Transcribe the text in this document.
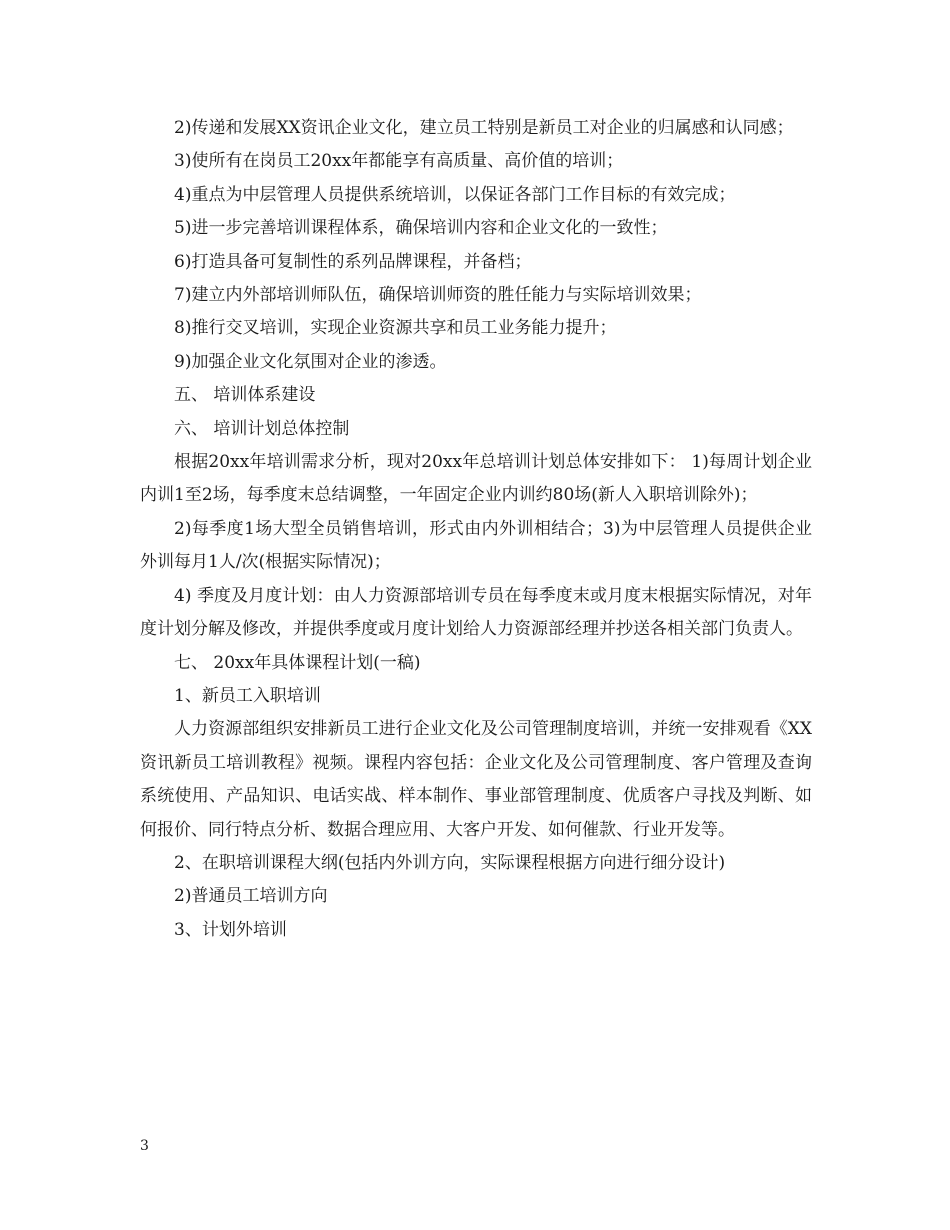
2)传递和发展XX资讯企业文化，建立员工特别是新员工对企业的归属感和认同感；

3)使所有在岗员工20xx年都能享有高质量、高价值的培训；

4)重点为中层管理人员提供系统培训，以保证各部门工作目标的有效完成；

5)进一步完善培训课程体系，确保培训内容和企业文化的一致性；

6)打造具备可复制性的系列品牌课程，并备档；

7)建立内外部培训师队伍，确保培训师资的胜任能力与实际培训效果；

8)推行交叉培训，实现企业资源共享和员工业务能力提升；

9)加强企业文化氛围对企业的渗透。

五、 培训体系建设

六、 培训计划总体控制

根据20xx年培训需求分析，现对20xx年总培训计划总体安排如下： 1)每周计划企业内训1至2场，每季度末总结调整，一年固定企业内训约80场(新人入职培训除外)；

2)每季度1场大型全员销售培训，形式由内外训相结合；3)为中层管理人员提供企业外训每月1人/次(根据实际情况)；

4) 季度及月度计划：由人力资源部培训专员在每季度末或月度末根据实际情况，对年度计划分解及修改，并提供季度或月度计划给人力资源部经理并抄送各相关部门负责人。

七、 20xx年具体课程计划(一稿)

1、新员工入职培训

人力资源部组织安排新员工进行企业文化及公司管理制度培训，并统一安排观看《XX资讯新员工培训教程》视频。课程内容包括：企业文化及公司管理制度、客户管理及查询系统使用、产品知识、电话实战、样本制作、事业部管理制度、优质客户寻找及判断、如何报价、同行特点分析、数据合理应用、大客户开发、如何催款、行业开发等。

2、在职培训课程大纲(包括内外训方向，实际课程根据方向进行细分设计)

2)普通员工培训方向

3、计划外培训

3
